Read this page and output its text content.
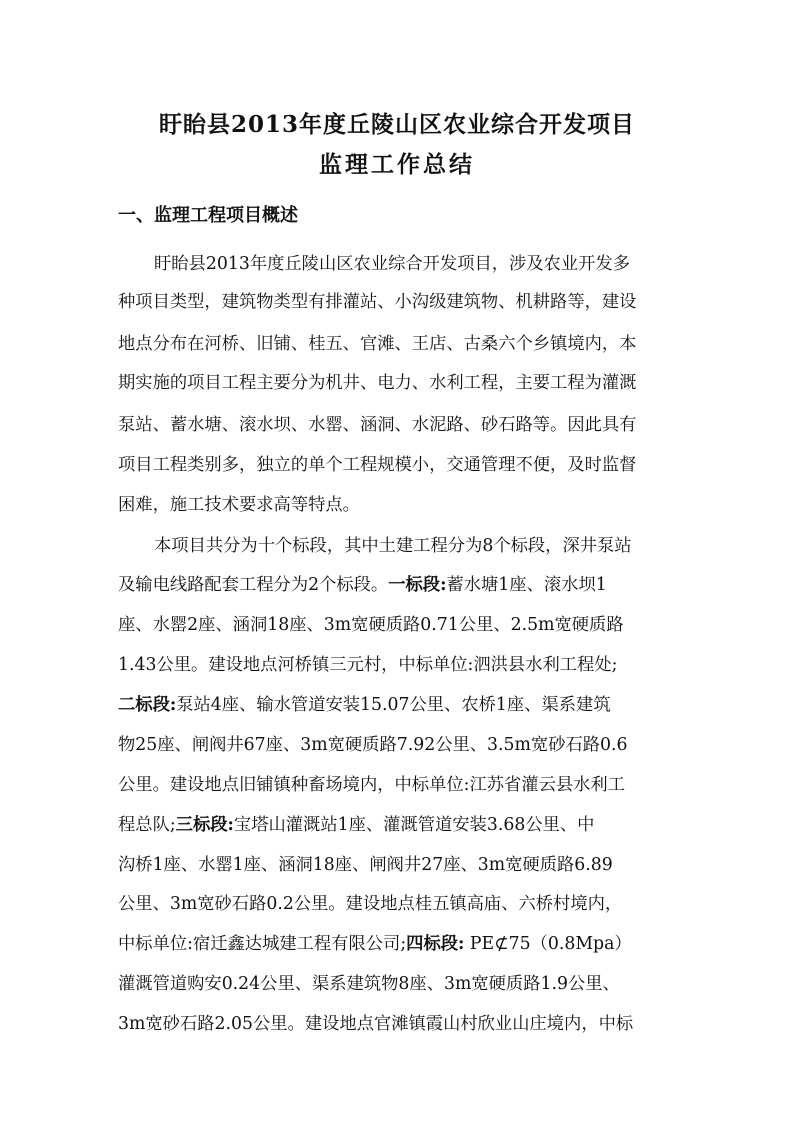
盱眙县2013年度丘陵山区农业综合开发项目
监理工作总结
一、监理工程项目概述
盱眙县2013年度丘陵山区农业综合开发项目，涉及农业开发多
种项目类型，建筑物类型有排灌站、小沟级建筑物、机耕路等，建设
地点分布在河桥、旧铺、桂五、官滩、王店、古桑六个乡镇境内，本
期实施的项目工程主要分为机井、电力、水利工程，主要工程为灌溉
泵站、蓄水塘、滚水坝、水罂、涵洞、水泥路、砂石路等。因此具有
项目工程类别多，独立的单个工程规模小，交通管理不便，及时监督
困难，施工技术要求高等特点。
本项目共分为十个标段，其中土建工程分为8个标段，深井泵站
及输电线路配套工程分为2个标段。一标段:蓄水塘1座、滚水坝1
座、水罂2座、涵洞18座、3m宽硬质路0.71公里、2.5m宽硬质路
1.43公里。建设地点河桥镇三元村，中标单位:泗洪县水利工程处;
二标段:泵站4座、输水管道安装15.07公里、农桥1座、渠系建筑
物25座、闸阀井67座、3m宽硬质路7.92公里、3.5m宽砂石路0.6
公里。建设地点旧铺镇种畜场境内，中标单位:江苏省灌云县水利工
程总队;三标段:宝塔山灌溉站1座、灌溉管道安装3.68公里、中
沟桥1座、水罂1座、涵洞18座、闸阀井27座、3m宽硬质路6.89
公里、3m宽砂石路0.2公里。建设地点桂五镇高庙、六桥村境内，
中标单位:宿迁鑫达城建工程有限公司;四标段: PE⊄75（0.8Mpa）
灌溉管道购安0.24公里、渠系建筑物8座、3m宽硬质路1.9公里、
3m宽砂石路2.05公里。建设地点官滩镇霞山村欣业山庄境内，中标
